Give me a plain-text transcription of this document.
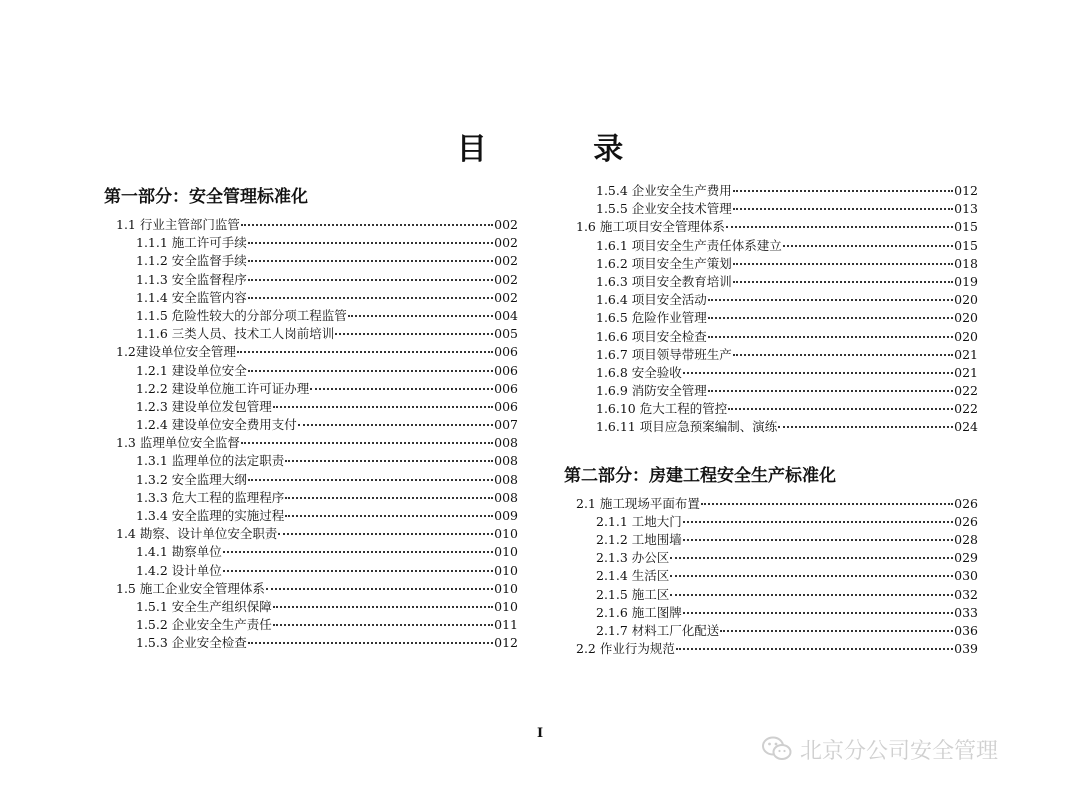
目 录
第一部分：安全管理标准化
1.1 行业主管部门监管	002
1.1.1 施工许可手续	002
1.1.2 安全监督手续	002
1.1.3 安全监督程序	002
1.1.4 安全监管内容	002
1.1.5 危险性较大的分部分项工程监管	004
1.1.6 三类人员、技术工人岗前培训	005
1.2建设单位安全管理	006
1.2.1 建设单位安全	006
1.2.2 建设单位施工许可证办理	006
1.2.3 建设单位发包管理	006
1.2.4 建设单位安全费用支付	007
1.3 监理单位安全监督	008
1.3.1 监理单位的法定职责	008
1.3.2 安全监理大纲	008
1.3.3 危大工程的监理程序	008
1.3.4 安全监理的实施过程	009
1.4 勘察、设计单位安全职责	010
1.4.1 勘察单位	010
1.4.2 设计单位	010
1.5 施工企业安全管理体系	010
1.5.1 安全生产组织保障	010
1.5.2 企业安全生产责任	011
1.5.3 企业安全检查	012
1.5.4 企业安全生产费用	012
1.5.5 企业安全技术管理	013
1.6 施工项目安全管理体系	015
1.6.1 项目安全生产责任体系建立	015
1.6.2 项目安全生产策划	018
1.6.3 项目安全教育培训	019
1.6.4 项目安全活动	020
1.6.5 危险作业管理	020
1.6.6 项目安全检查	020
1.6.7 项目领导带班生产	021
1.6.8 安全验收	021
1.6.9 消防安全管理	022
1.6.10 危大工程的管控	022
1.6.11 项目应急预案编制、演练	024
第二部分：房建工程安全生产标准化
2.1 施工现场平面布置	026
2.1.1 工地大门	026
2.1.2 工地围墙	028
2.1.3 办公区	029
2.1.4 生活区	030
2.1.5 施工区	032
2.1.6 施工图牌	033
2.1.7 材料工厂化配送	036
2.2 作业行为规范	039
I
北京分公司安全管理
